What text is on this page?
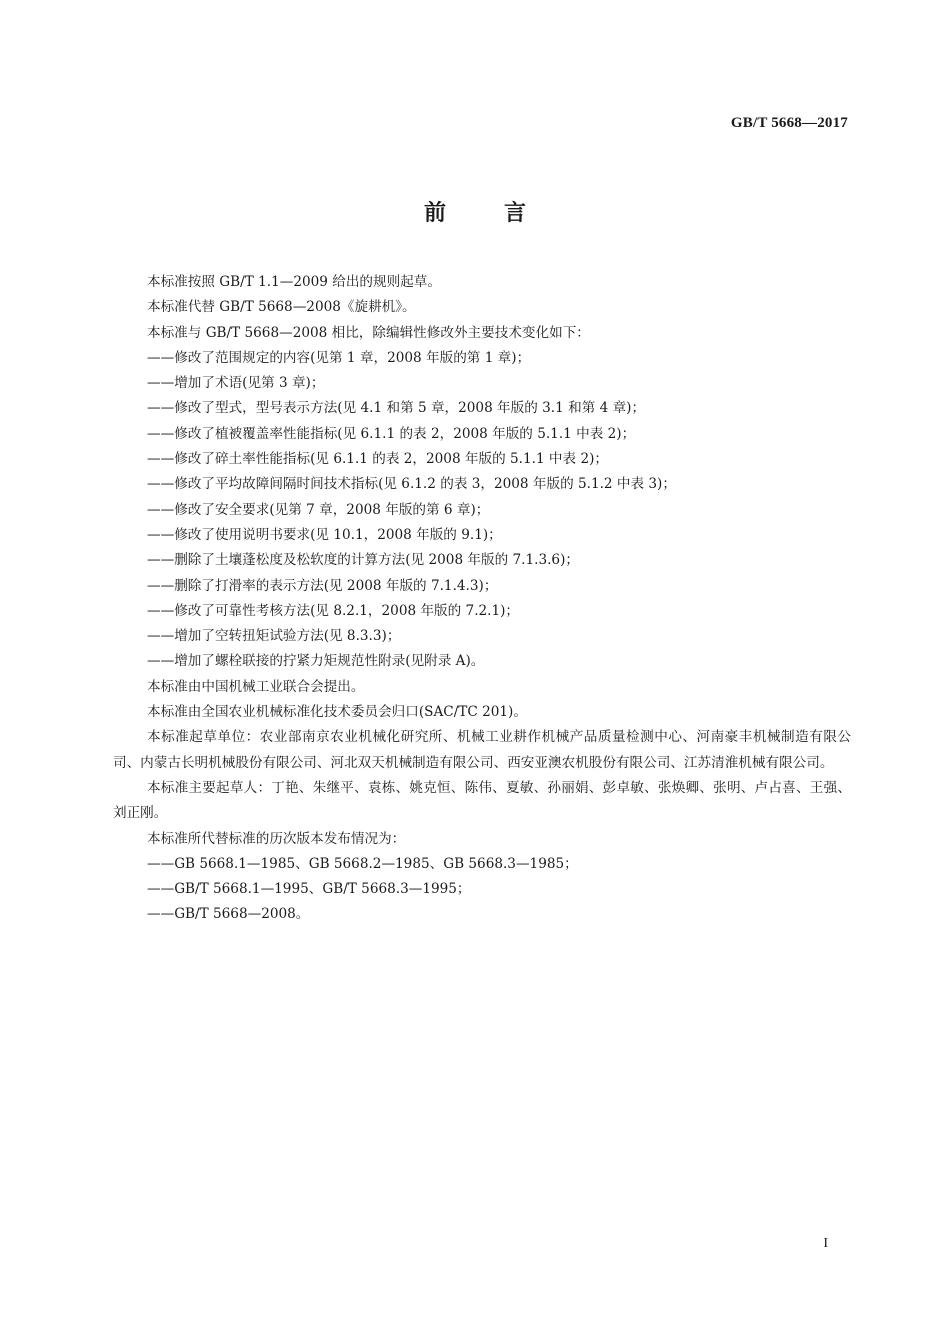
GB/T 5668—2017
前言

本标准按照 GB/T 1.1—2009 给出的规则起草。

本标准代替 GB/T 5668—2008《旋耕机》。

本标准与 GB/T 5668—2008 相比，除编辑性修改外主要技术变化如下：

——修改了范围规定的内容(见第 1 章，2008 年版的第 1 章)；

——增加了术语(见第 3 章)；

——修改了型式，型号表示方法(见 4.1 和第 5 章，2008 年版的 3.1 和第 4 章)；

——修改了植被覆盖率性能指标(见 6.1.1 的表 2，2008 年版的 5.1.1 中表 2)；

——修改了碎土率性能指标(见 6.1.1 的表 2，2008 年版的 5.1.1 中表 2)；

——修改了平均故障间隔时间技术指标(见 6.1.2 的表 3，2008 年版的 5.1.2 中表 3)；

——修改了安全要求(见第 7 章，2008 年版的第 6 章)；

——修改了使用说明书要求(见 10.1，2008 年版的 9.1)；

——删除了土壤蓬松度及松软度的计算方法(见 2008 年版的 7.1.3.6)；

——删除了打滑率的表示方法(见 2008 年版的 7.1.4.3)；

——修改了可靠性考核方法(见 8.2.1，2008 年版的 7.2.1)；

——增加了空转扭矩试验方法(见 8.3.3)；

——增加了螺栓联接的拧紧力矩规范性附录(见附录 A)。

本标准由中国机械工业联合会提出。

本标准由全国农业机械标准化技术委员会归口(SAC/TC 201)。

本标准起草单位：农业部南京农业机械化研究所、机械工业耕作机械产品质量检测中心、河南豪丰机械制造有限公司、内蒙古长明机械股份有限公司、河北双天机械制造有限公司、西安亚澳农机股份有限公司、江苏清淮机械有限公司。

本标准主要起草人：丁艳、朱继平、袁栋、姚克恒、陈伟、夏敏、孙丽娟、彭卓敏、张焕卿、张明、卢占喜、王强、刘正刚。

本标准所代替标准的历次版本发布情况为：

——GB 5668.1—1985、GB 5668.2—1985、GB 5668.3—1985；

——GB/T 5668.1—1995、GB/T 5668.3—1995；

——GB/T 5668—2008。

I
